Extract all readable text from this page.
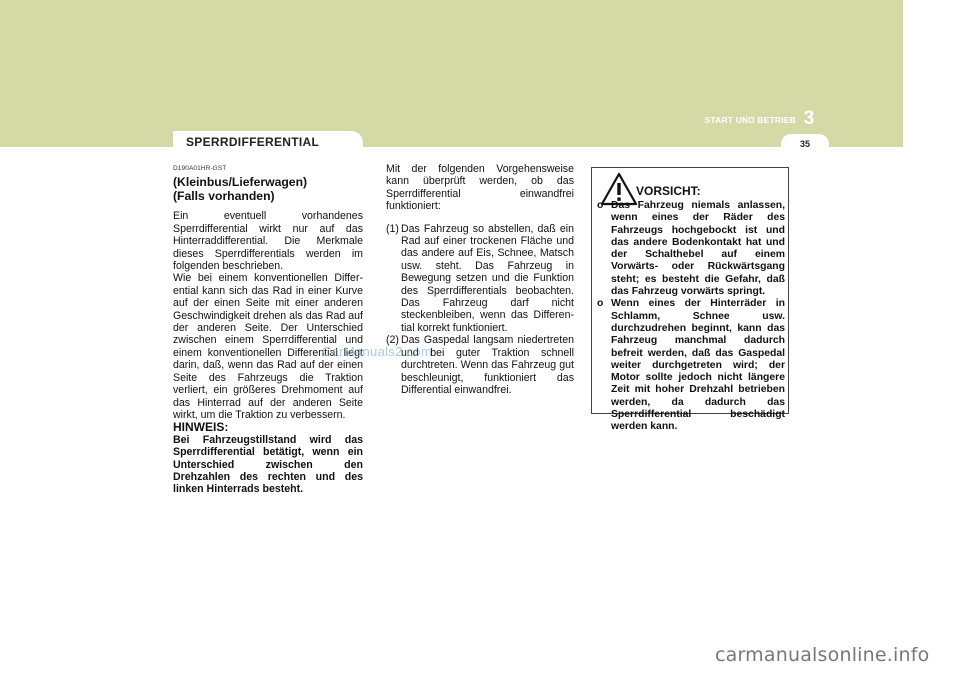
3
START UND BETRIEB
35
SPERRDIFFERENTIAL

D190A01HR-GST

(Kleinbus/Lieferwagen)

(Falls vorhanden)

Ein eventuell vorhandenes Sperrdifferential wirkt nur auf das Hinterraddifferential. Die Merkmale dieses Sperrdifferentials werden im folgenden beschrieben.

Wie bei einem konventionellen Differ-ential kann sich das Rad in einer Kurve auf der einen Seite mit einer anderen Geschwindigkeit drehen als das Rad auf der anderen Seite. Der Unterschied zwischen einem Sperrdifferential und einem konventionellen Differential liegt darin, daß, wenn das Rad auf der einen Seite des Fahrzeugs die Traktion verliert, ein größeres Drehmoment auf das Hinterrad auf der anderen Seite wirkt, um die Traktion zu verbessern.

HINWEIS:

Bei Fahrzeugstillstand wird das Sperrdifferential betätigt, wenn ein Unterschied zwischen den Drehzahlen des rechten und des linken Hinterrads besteht.

Mit der folgenden Vorgehensweise kann überprüft werden, ob das Sperrdifferential einwandfrei funktioniert:

(1) Das Fahrzeug so abstellen, daß ein Rad auf einer trockenen Fläche und das andere auf Eis, Schnee, Matsch usw. steht. Das Fahrzeug in Bewegung setzen und die Funktion des Sperrdifferentials beobachten. Das Fahrzeug darf nicht steckenbleiben, wenn das Differen-tial korrekt funktioniert.
(2) Das Gaspedal langsam niedertreten und bei guter Traktion schnell durchtreten. Wenn das Fahrzeug gut beschleunigt, funktioniert das Differential einwandfrei.
VORSICHT:
o Das Fahrzeug niemals anlassen, wenn eines der Räder des Fahrzeugs hochgebockt ist und das andere Bodenkontakt hat und der Schalthebel auf einem Vorwärts- oder Rückwärtsgang steht; es besteht die Gefahr, daß das Fahrzeug vorwärts springt.
o Wenn eines der Hinterräder in Schlamm, Schnee usw. durchzudrehen beginnt, kann das Fahrzeug manchmal dadurch befreit werden, daß das Gaspedal weiter durchgetreten wird; der Motor sollte jedoch nicht längere Zeit mit hoher Drehzahl betrieben werden, da dadurch das Sperrdifferential beschädigt werden kann.
CarManuals2.com
carmanualsonline.info
